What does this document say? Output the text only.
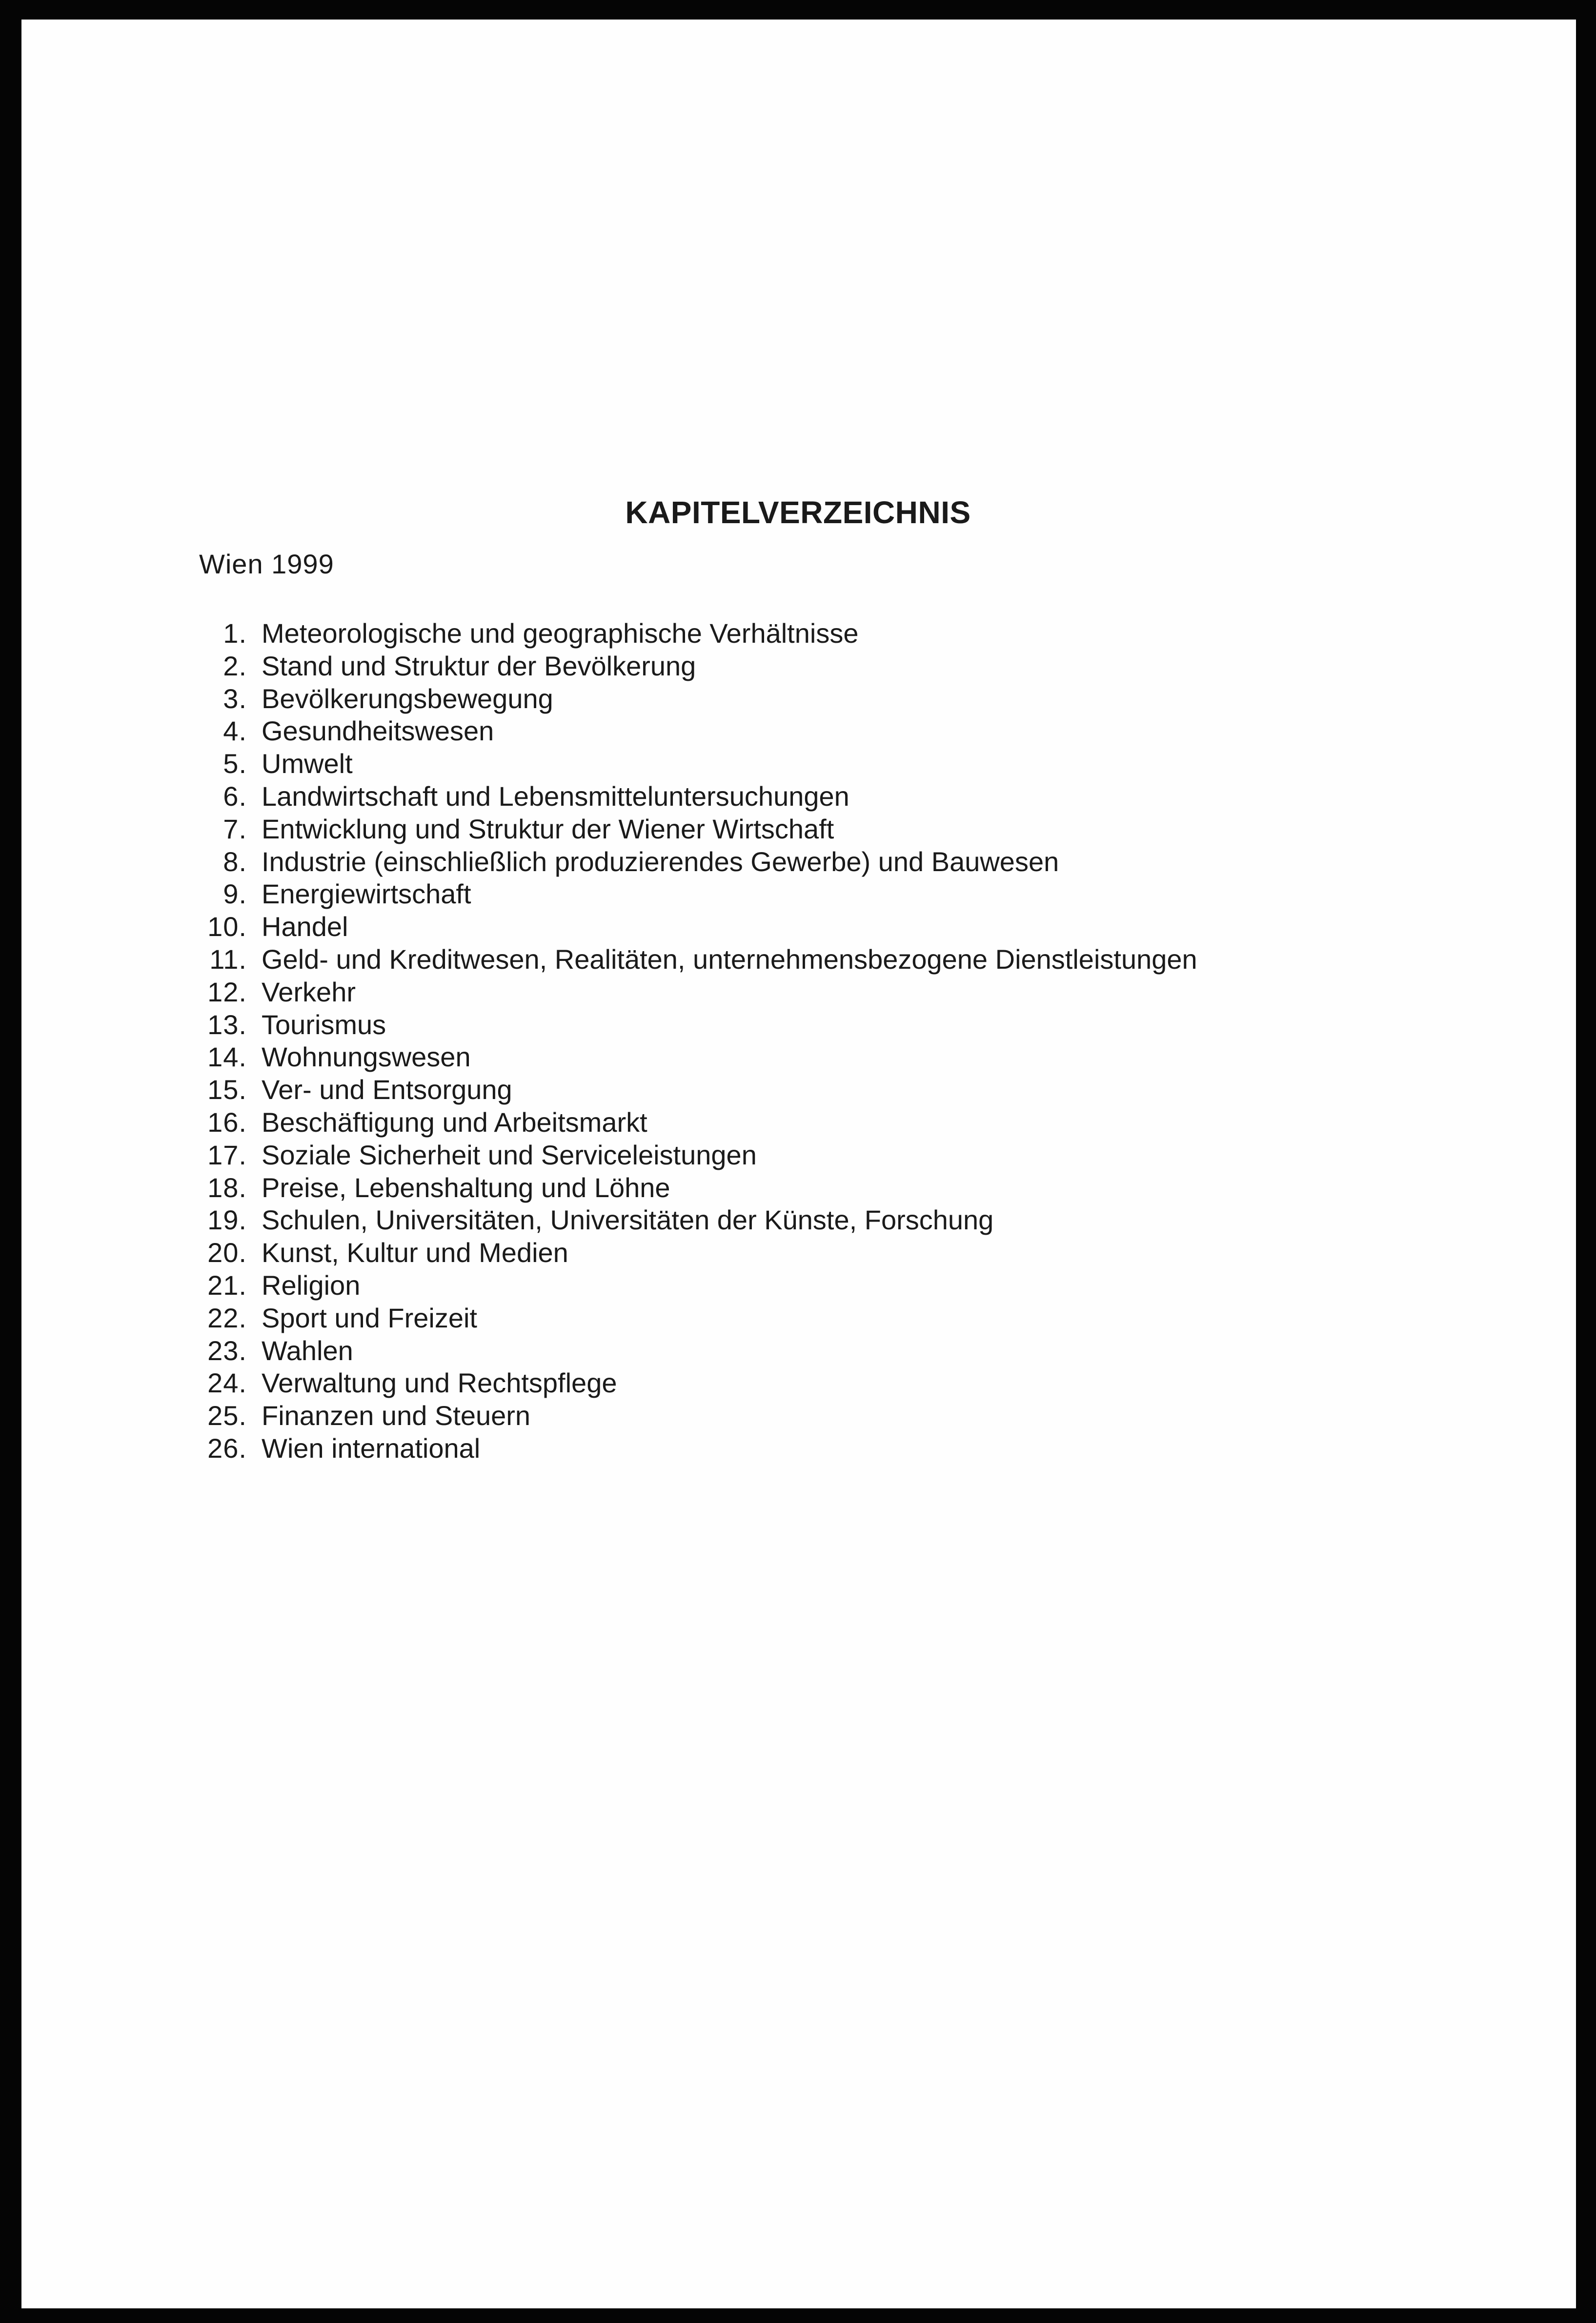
KAPITELVERZEICHNIS
Wien 1999
1. Meteorologische und geographische Verhältnisse
2. Stand und Struktur der Bevölkerung
3. Bevölkerungsbewegung
4. Gesundheitswesen
5. Umwelt
6. Landwirtschaft und Lebensmitteluntersuchungen
7. Entwicklung und Struktur der Wiener Wirtschaft
8. Industrie (einschließlich produzierendes Gewerbe) und Bauwesen
9. Energiewirtschaft
10. Handel
11. Geld- und Kreditwesen, Realitäten, unternehmensbezogene Dienstleistungen
12. Verkehr
13. Tourismus
14. Wohnungswesen
15. Ver- und Entsorgung
16. Beschäftigung und Arbeitsmarkt
17. Soziale Sicherheit und Serviceleistungen
18. Preise, Lebenshaltung und Löhne
19. Schulen, Universitäten, Universitäten der Künste, Forschung
20. Kunst, Kultur und Medien
21. Religion
22. Sport und Freizeit
23. Wahlen
24. Verwaltung und Rechtspflege
25. Finanzen und Steuern
26. Wien international
